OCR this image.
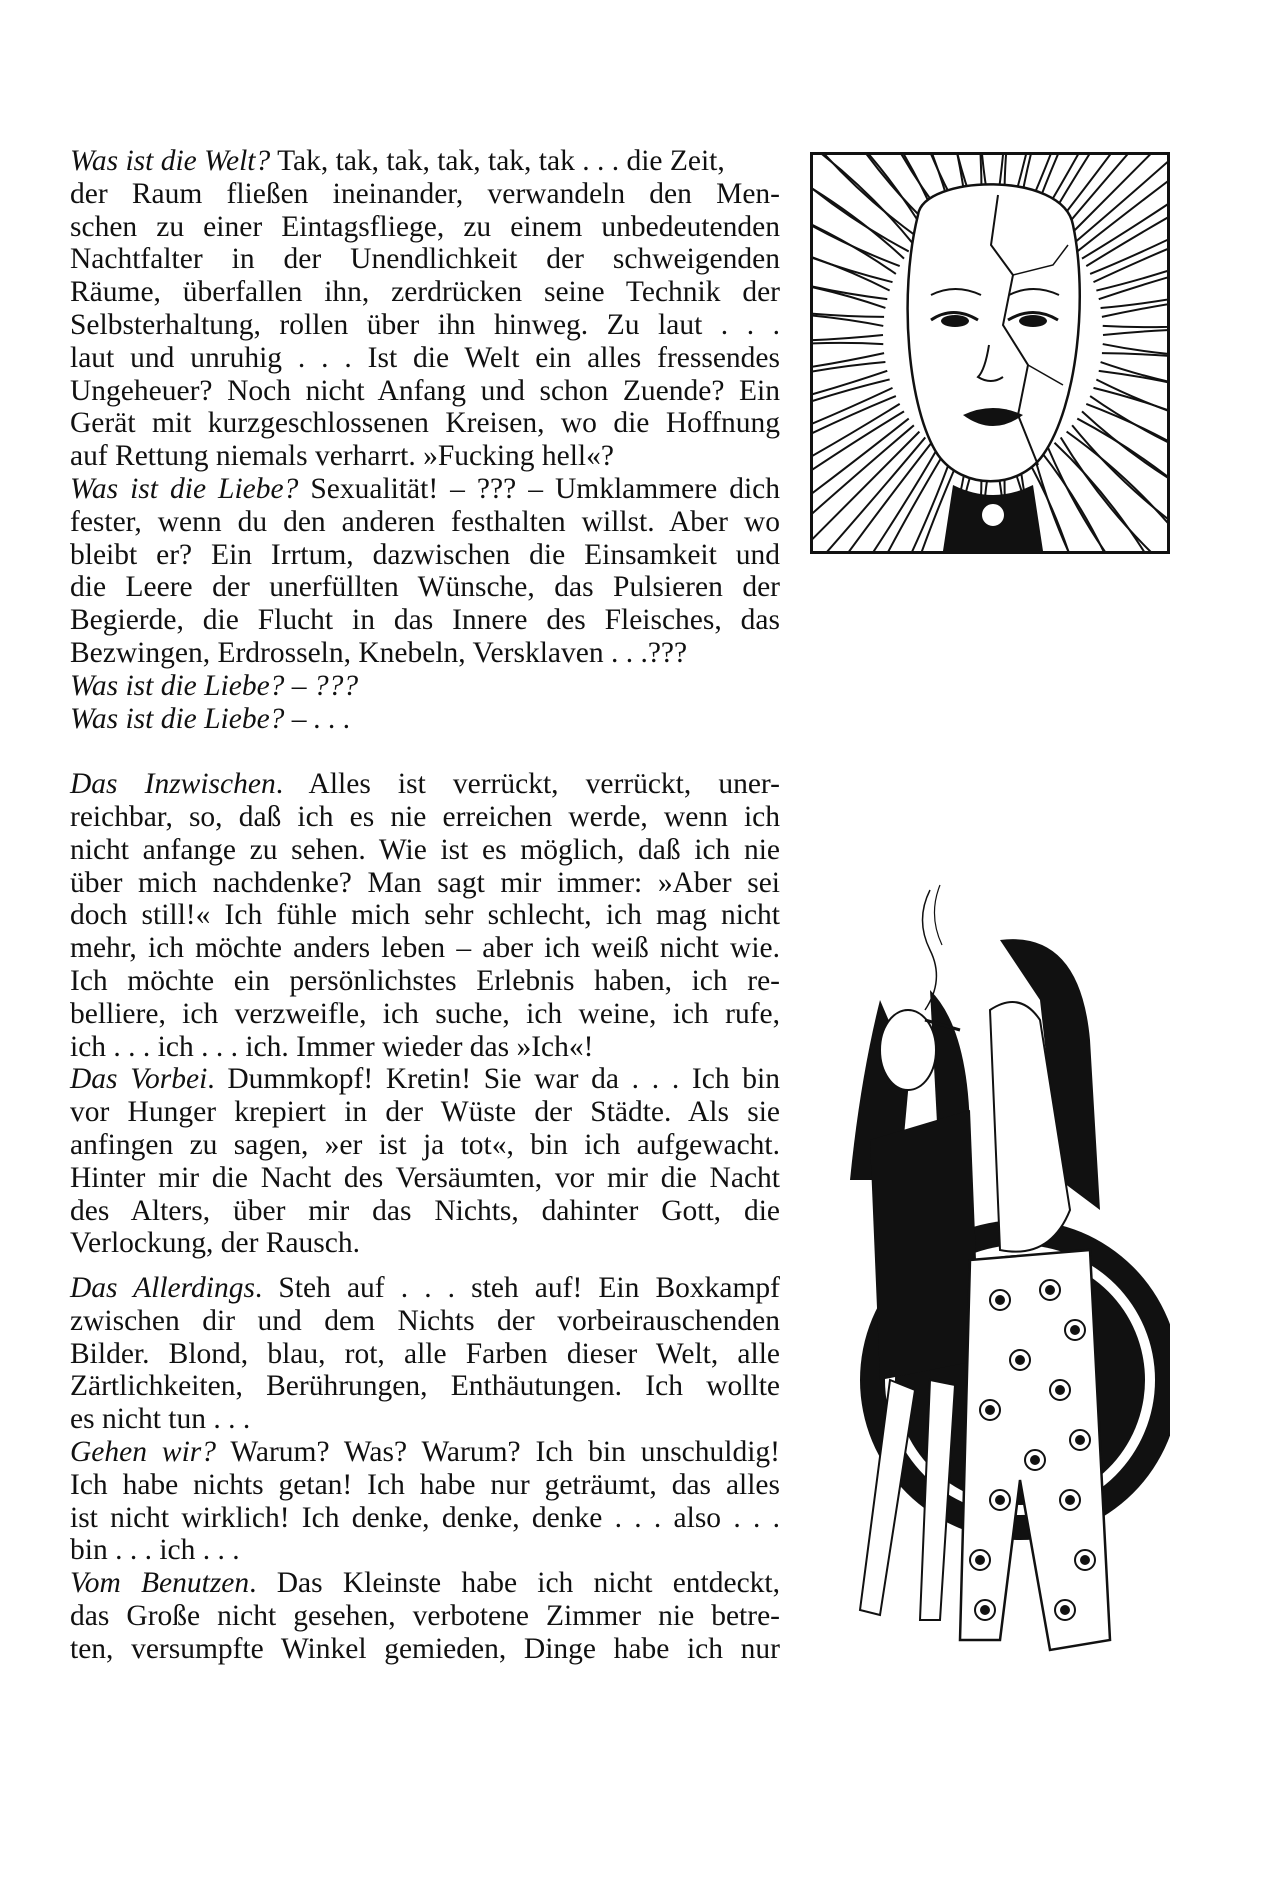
Was ist die Welt? Tak, tak, tak, tak, tak, tak . . . die Zeit,
der Raum fließen ineinander, verwandeln den Men-
schen zu einer Eintagsfliege, zu einem unbedeutenden
Nachtfalter in der Unendlichkeit der schweigenden
Räume, überfallen ihn, zerdrücken seine Technik der
Selbsterhaltung, rollen über ihn hinweg. Zu laut . . .
laut und unruhig . . . Ist die Welt ein alles fressendes
Ungeheuer? Noch nicht Anfang und schon Zuende? Ein
Gerät mit kurzgeschlossenen Kreisen, wo die Hoffnung
auf Rettung niemals verharrt. »Fucking hell«?
Was ist die Liebe? Sexualität! – ??? – Umklammere dich
fester, wenn du den anderen festhalten willst. Aber wo
bleibt er? Ein Irrtum, dazwischen die Einsamkeit und
die Leere der unerfüllten Wünsche, das Pulsieren der
Begierde, die Flucht in das Innere des Fleisches, das
Bezwingen, Erdrosseln, Knebeln, Versklaven . . .???
Was ist die Liebe? – ???
Was ist die Liebe? – . . .
Das Inzwischen. Alles ist verrückt, verrückt, uner-
reichbar, so, daß ich es nie erreichen werde, wenn ich
nicht anfange zu sehen. Wie ist es möglich, daß ich nie
über mich nachdenke? Man sagt mir immer: »Aber sei
doch still!« Ich fühle mich sehr schlecht, ich mag nicht
mehr, ich möchte anders leben – aber ich weiß nicht wie.
Ich möchte ein persönlichstes Erlebnis haben, ich re-
belliere, ich verzweifle, ich suche, ich weine, ich rufe,
ich . . . ich . . . ich. Immer wieder das »Ich«!
Das Vorbei. Dummkopf! Kretin! Sie war da . . . Ich bin
vor Hunger krepiert in der Wüste der Städte. Als sie
anfingen zu sagen, »er ist ja tot«, bin ich aufgewacht.
Hinter mir die Nacht des Versäumten, vor mir die Nacht
des Alters, über mir das Nichts, dahinter Gott, die
Verlockung, der Rausch.
Das Allerdings. Steh auf . . . steh auf! Ein Boxkampf
zwischen dir und dem Nichts der vorbeirauschenden
Bilder. Blond, blau, rot, alle Farben dieser Welt, alle
Zärtlichkeiten, Berührungen, Enthäutungen. Ich wollte
es nicht tun . . .
Gehen wir? Warum? Was? Warum? Ich bin unschuldig!
Ich habe nichts getan! Ich habe nur geträumt, das alles
ist nicht wirklich! Ich denke, denke, denke . . . also . . .
bin . . . ich . . .
Vom Benutzen. Das Kleinste habe ich nicht entdeckt,
das Große nicht gesehen, verbotene Zimmer nie betre-
ten, versumpfte Winkel gemieden, Dinge habe ich nur
